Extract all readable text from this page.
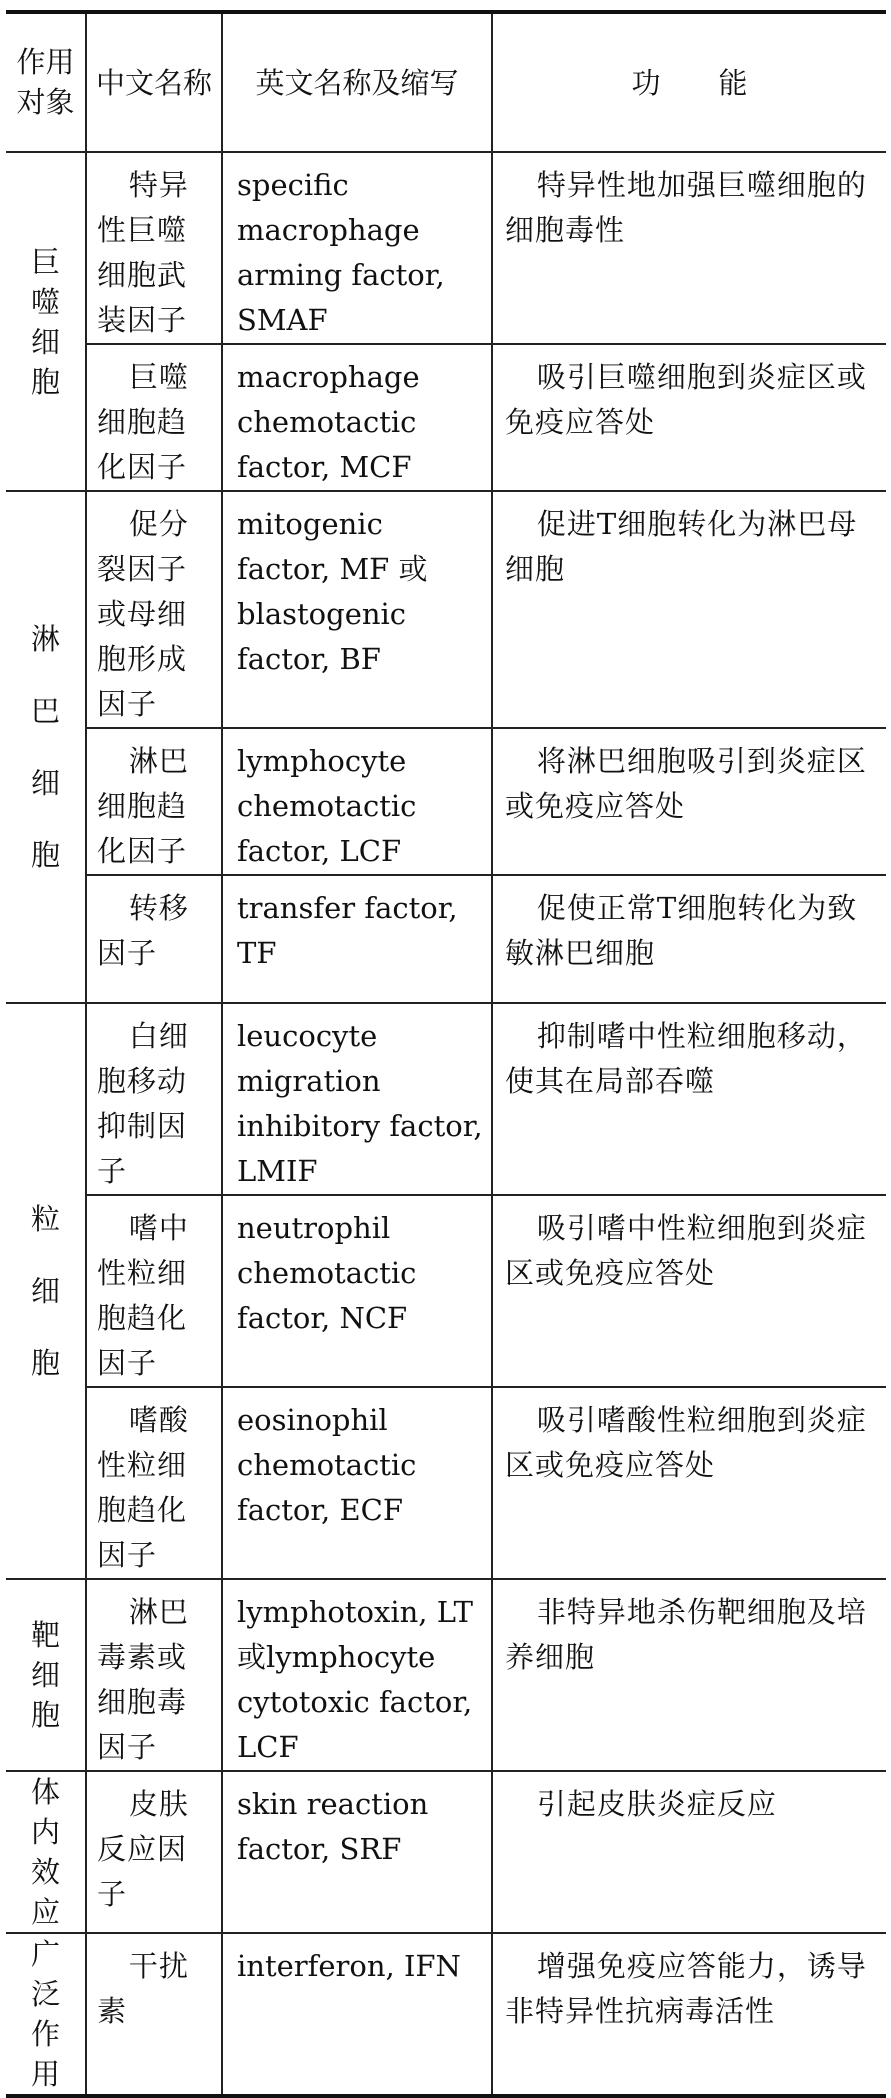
作用对象	中文名称	英文名称及缩写	功　　能
巨噬细胞	特异性巨噬细胞武装因子	specific macrophage arming factor, SMAF	特异性地加强巨噬细胞的细胞毒性

	巨噬细胞趋化因子	macrophage chemotactic factor, MCF	吸引巨噬细胞到炎症区或免疫应答处
淋巴细胞	促分裂因子或母细胞形成因子	mitogenic factor, MF 或blastogenic factor, BF	促进T细胞转化为淋巴母细胞

	淋巴细胞趋化因子	lymphocyte chemotactic factor, LCF	将淋巴细胞吸引到炎症区或免疫应答处

	转移因子	transfer factor, TF	促使正常T细胞转化为致敏淋巴细胞
粒细胞	白细胞移动抑制因子	leucocyte migration inhibitory factor, LMIF	抑制嗜中性粒细胞移动，使其在局部吞噬

	嗜中性粒细胞趋化因子	neutrophil chemotactic factor, NCF	吸引嗜中性粒细胞到炎症区或免疫应答处

	嗜酸性粒细胞趋化因子	eosinophil chemotactic factor, ECF	吸引嗜酸性粒细胞到炎症区或免疫应答处
靶细胞	淋巴毒素或细胞毒因子	lymphotoxin, LT或lymphocyte cytotoxic factor, LCF	非特异地杀伤靶细胞及培养细胞
体内效应	皮肤反应因子	skin reaction factor, SRF	引起皮肤炎症反应
广泛作用	干扰素	interferon, IFN	增强免疫应答能力，诱导非特异性抗病毒活性
